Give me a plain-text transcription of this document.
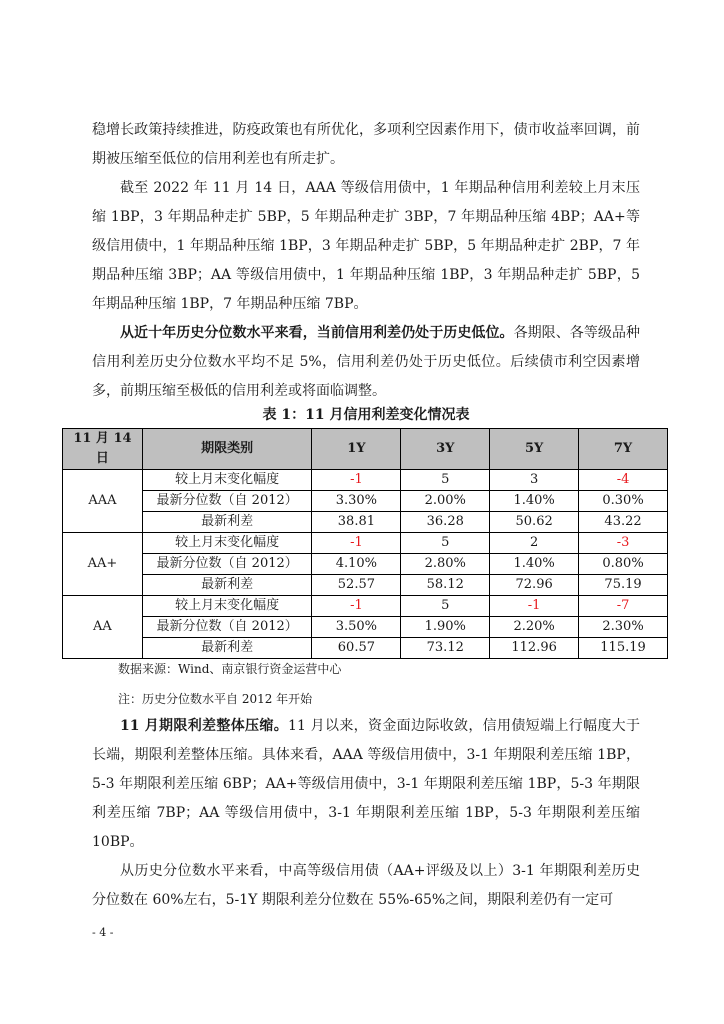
稳增长政策持续推进，防疫政策也有所优化，多项利空因素作用下，债市收益率回调，前期被压缩至低位的信用利差也有所走扩。

截至 2022 年 11 月 14 日，AAA 等级信用债中，1 年期品种信用利差较上月末压缩 1BP，3 年期品种走扩 5BP，5 年期品种走扩 3BP，7 年期品种压缩 4BP；AA+等级信用债中，1 年期品种压缩 1BP，3 年期品种走扩 5BP，5 年期品种走扩 2BP，7 年期品种压缩 3BP；AA 等级信用债中，1 年期品种压缩 1BP，3 年期品种走扩 5BP，5 年期品种压缩 1BP，7 年期品种压缩 7BP。

从近十年历史分位数水平来看，当前信用利差仍处于历史低位。各期限、各等级品种信用利差历史分位数水平均不足 5%，信用利差仍处于历史低位。后续债市利空因素增多，前期压缩至极低的信用利差或将面临调整。

表 1：11 月信用利差变化情况表

11 月 14 日	期限类别	1Y	3Y	5Y	7Y
AAA	较上月末变化幅度	-1	5	3	-4
	最新分位数（自 2012）	3.30%	2.00%	1.40%	0.30%
	最新利差	38.81	36.28	50.62	43.22
AA+	较上月末变化幅度	-1	5	2	-3
	最新分位数（自 2012）	4.10%	2.80%	1.40%	0.80%
	最新利差	52.57	58.12	72.96	75.19
AA	较上月末变化幅度	-1	5	-1	-7
	最新分位数（自 2012）	3.50%	1.90%	2.20%	2.30%
	最新利差	60.57	73.12	112.96	115.19

数据来源：Wind、南京银行资金运营中心

注：历史分位数水平自 2012 年开始

11 月期限利差整体压缩。11 月以来，资金面边际收敛，信用债短端上行幅度大于长端，期限利差整体压缩。具体来看，AAA 等级信用债中，3-1 年期限利差压缩 1BP，5-3 年期限利差压缩 6BP；AA+等级信用债中，3-1 年期限利差压缩 1BP，5-3 年期限利差压缩 7BP；AA 等级信用债中，3-1 年期限利差压缩 1BP，5-3 年期限利差压缩 10BP。

从历史分位数水平来看，中高等级信用债（AA+评级及以上）3-1 年期限利差历史分位数在 60%左右，5-1Y 期限利差分位数在 55%-65%之间，期限利差仍有一定可

- 4 -
